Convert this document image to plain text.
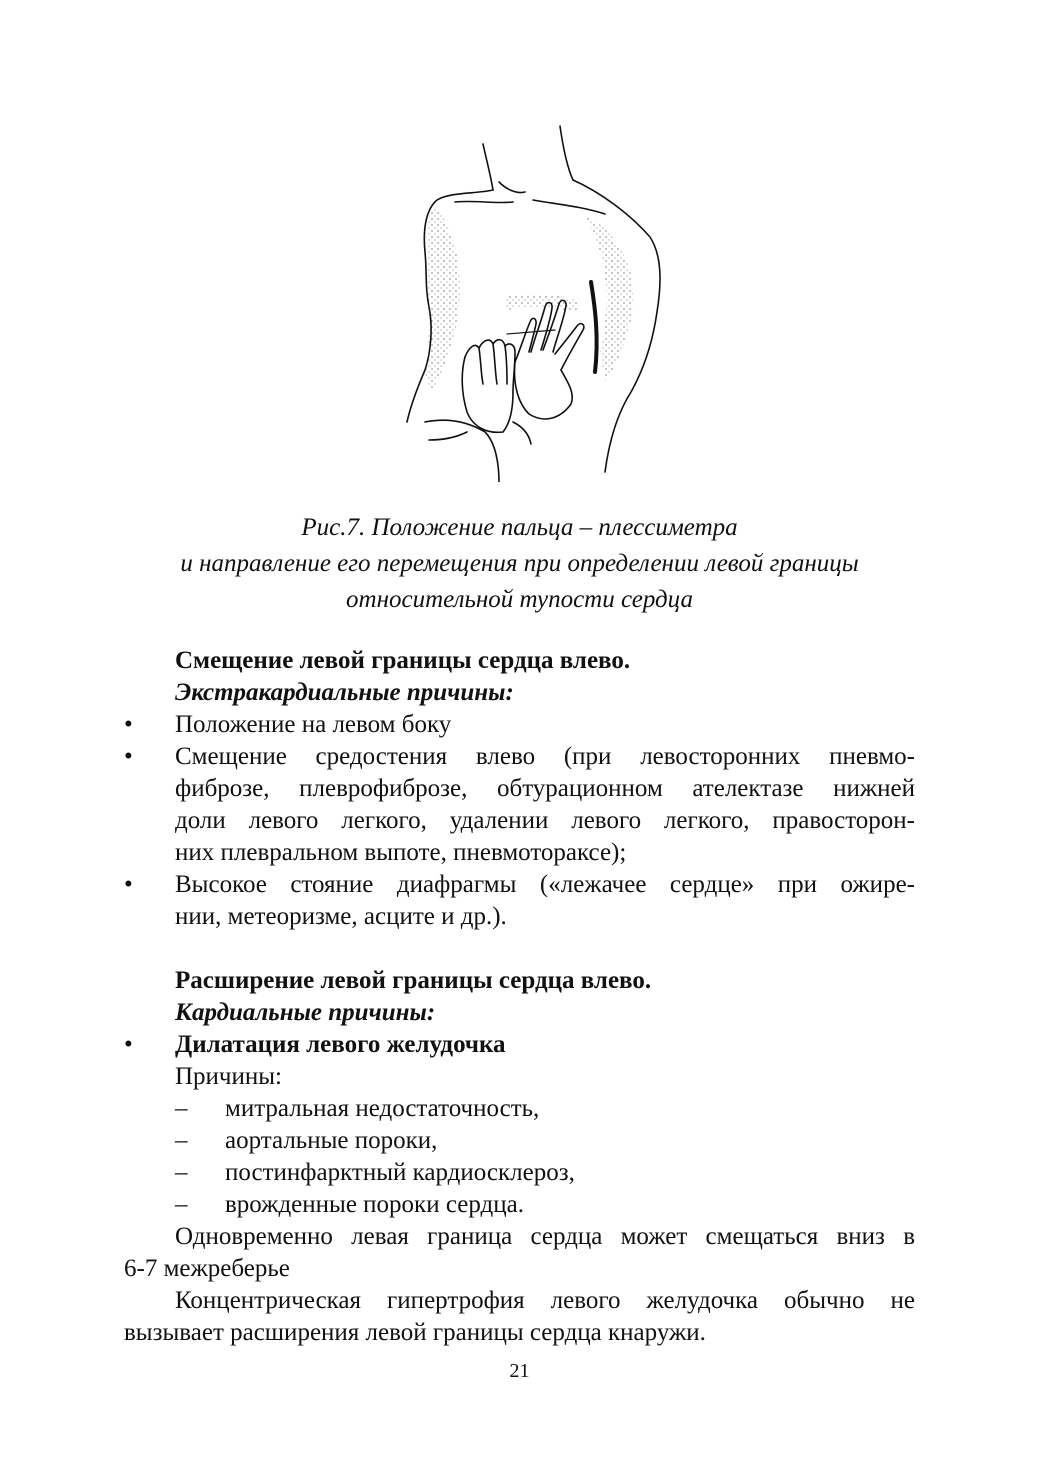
Рис.7. Положение пальца – плессиметра
и направление его перемещения при определении левой границы
относительной тупости сердца
Смещение левой границы сердца влево.
Экстракардиальные причины:
• Положение на левом боку
• Смещение средостения влево (при левосторонних пневмо-
фиброзе, плеврофиброзе, обтурационном ателектазе нижней
доли левого легкого, удалении левого легкого, правосторон-
них плевральном выпоте, пневмотораксе);
• Высокое стояние диафрагмы («лежачее сердце» при ожире-
нии, метеоризме, асците и др.).
Расширение левой границы сердца влево.
Кардиальные причины:
• Дилатация левого желудочка
Причины:
– митральная недостаточность,
– аортальные пороки,
– постинфарктный кардиосклероз,
– врожденные пороки сердца.
Одновременно левая граница сердца может смещаться вниз в
6-7 межреберье
Концентрическая гипертрофия левого желудочка обычно не
вызывает расширения левой границы сердца кнаружи.
21
